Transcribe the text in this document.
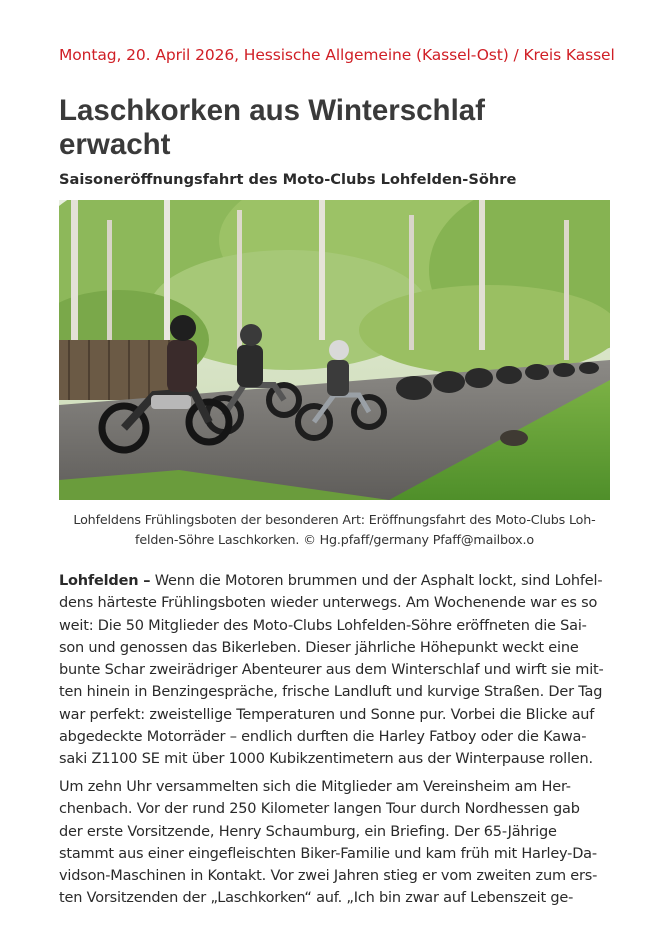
Montag, 20. April 2026, Hessische Allgemeine (Kassel-Ost) / Kreis Kassel
Laschkorken aus Winterschlaf
erwacht
Saisoneröffnungsfahrt des Moto-Clubs Lohfelden-Söhre

Lohfeldens Frühlingsboten der besonderen Art: Eröffnungsfahrt des Moto-Clubs Loh-
felden-Söhre Laschkorken. © Hg.pfaff/germany Pfaff@mailbox.o

Lohfelden – Wenn die Motoren brummen und der Asphalt lockt, sind Lohfel-
dens härteste Frühlingsboten wieder unterwegs. Am Wochenende war es so
weit: Die 50 Mitglieder des Moto-Clubs Lohfelden-Söhre eröffneten die Sai-
son und genossen das Bikerleben. Dieser jährliche Höhepunkt weckt eine
bunte Schar zweirädriger Abenteurer aus dem Winterschlaf und wirft sie mit-
ten hinein in Benzingespräche, frische Landluft und kurvige Straßen. Der Tag
war perfekt: zweistellige Temperaturen und Sonne pur. Vorbei die Blicke auf
abgedeckte Motorräder – endlich durften die Harley Fatboy oder die Kawa-
saki Z1100 SE mit über 1000 Kubikzentimetern aus der Winterpause rollen.

Um zehn Uhr versammelten sich die Mitglieder am Vereinsheim am Her-
chenbach. Vor der rund 250 Kilometer langen Tour durch Nordhessen gab
der erste Vorsitzende, Henry Schaumburg, ein Briefing. Der 65-Jährige
stammt aus einer eingefleischten Biker-Familie und kam früh mit Harley-Da-
vidson-Maschinen in Kontakt. Vor zwei Jahren stieg er vom zweiten zum ers-
ten Vorsitzenden der „Laschkorken“ auf. „Ich bin zwar auf Lebenszeit ge-
